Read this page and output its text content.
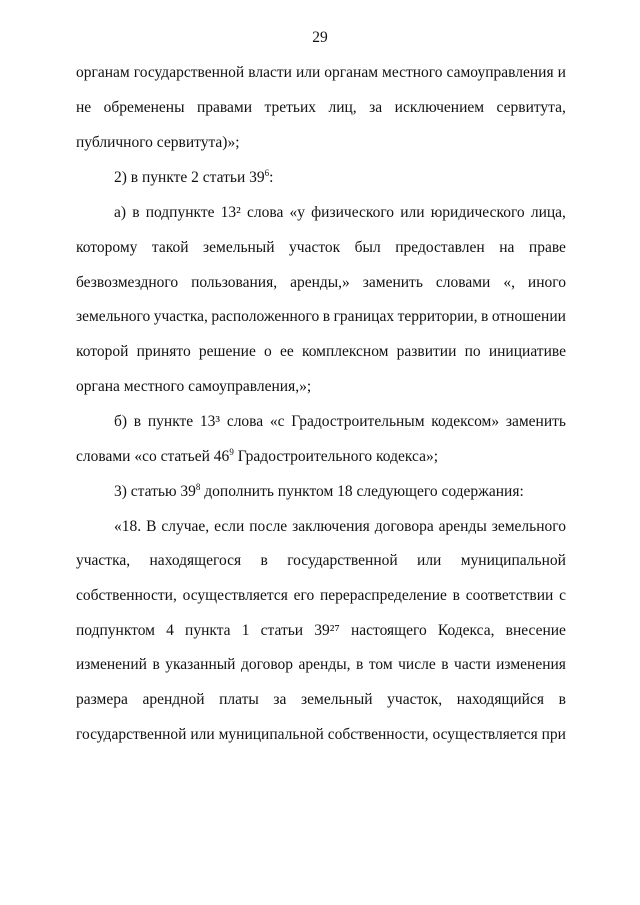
29
органам государственной власти или органам местного самоуправления и
не обременены правами третьих лиц, за исключением сервитута,
публичного сервитута)»;
2) в пункте 2 статьи $39^6$:
а) в подпункте 13² слова «у физического или юридического лица,
которому такой земельный участок был предоставлен на праве
безвозмездного пользования, аренды,» заменить словами «, иного
земельного участка, расположенного в границах территории, в отношении
которой принято решение о ее комплексном развитии по инициативе
органа местного самоуправления,»;
б) в пункте 13³ слова «с Градостроительным кодексом» заменить
словами «со статьей $46^9$ Градостроительного кодекса»;
3) статью $39^8$ дополнить пунктом 18 следующего содержания:
«18. В случае, если после заключения договора аренды земельного
участка, находящегося в государственной или муниципальной
собственности, осуществляется его перераспределение в соответствии с
подпунктом 4 пункта 1 статьи 39²⁷ настоящего Кодекса, внесение
изменений в указанный договор аренды, в том числе в части изменения
размера арендной платы за земельный участок, находящийся в
государственной или муниципальной собственности, осуществляется при
